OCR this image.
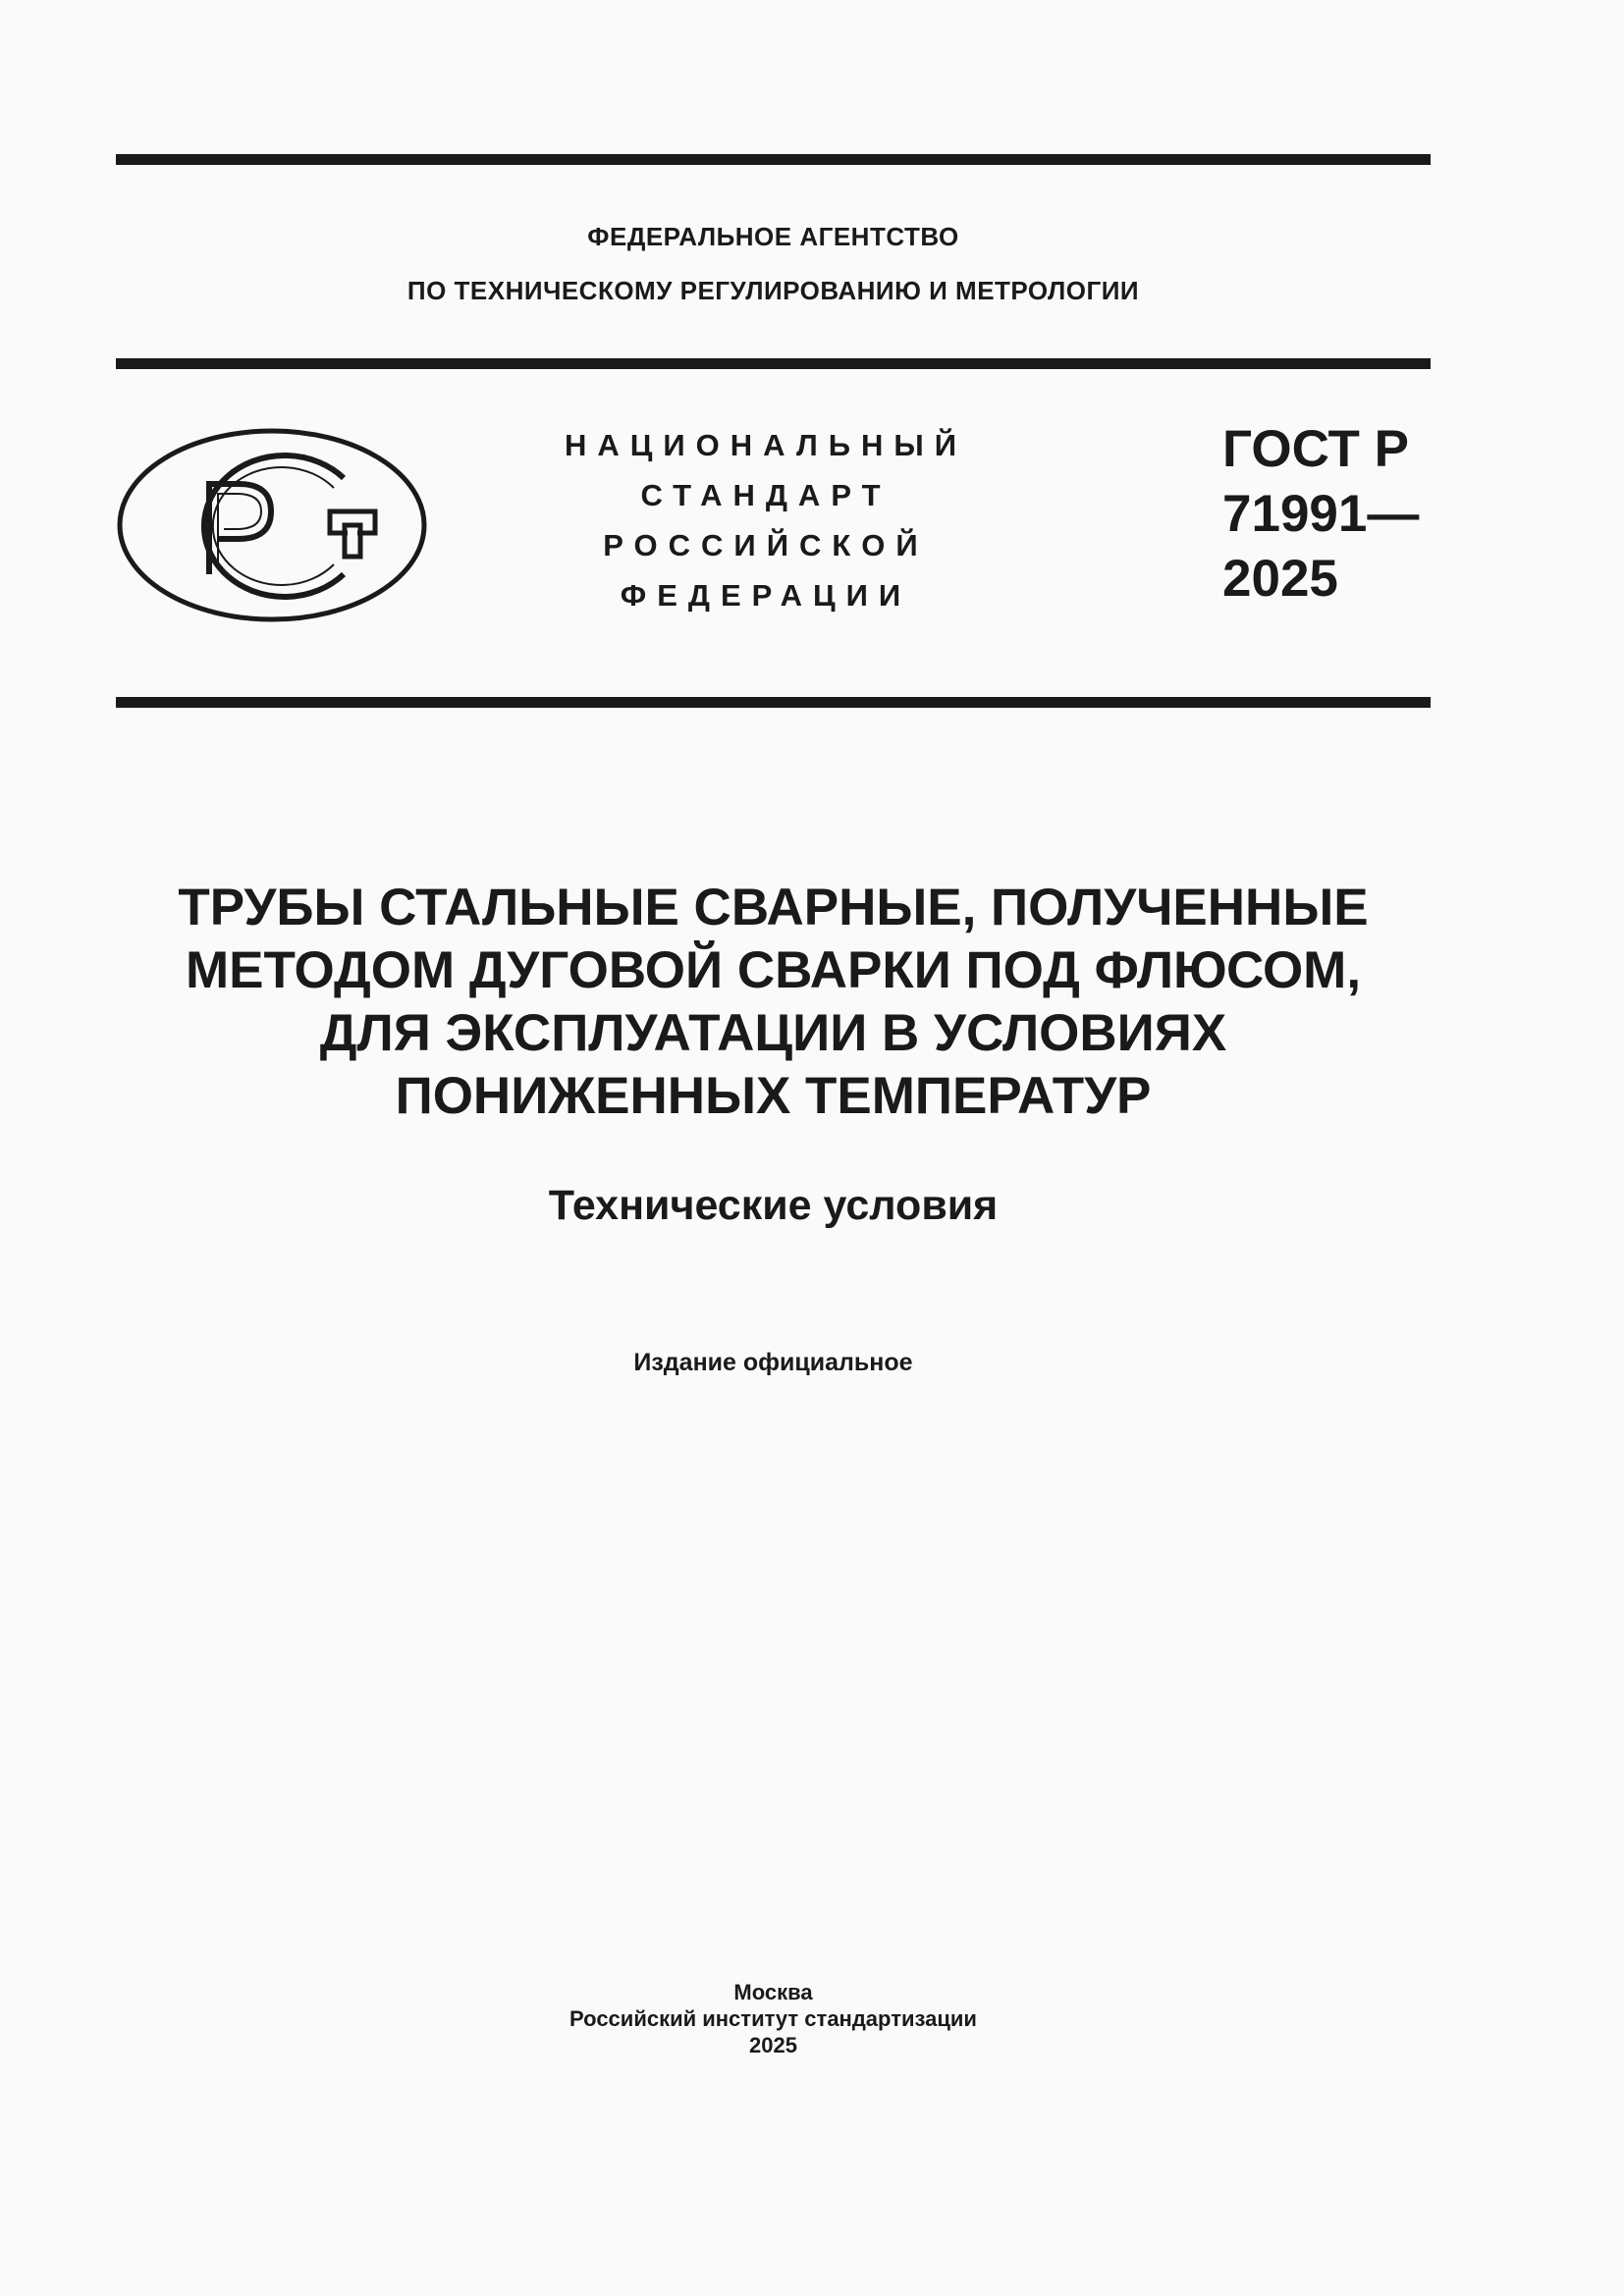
ФЕДЕРАЛЬНОЕ АГЕНТСТВО
ПО ТЕХНИЧЕСКОМУ РЕГУЛИРОВАНИЮ И МЕТРОЛОГИИ
НАЦИОНАЛЬНЫЙ
СТАНДАРТ
РОССИЙСКОЙ
ФЕДЕРАЦИИ
ГОСТ Р
71991—
2025
ТРУБЫ СТАЛЬНЫЕ СВАРНЫЕ, ПОЛУЧЕННЫЕ
МЕТОДОМ ДУГОВОЙ СВАРКИ ПОД ФЛЮСОМ,
ДЛЯ ЭКСПЛУАТАЦИИ В УСЛОВИЯХ
ПОНИЖЕННЫХ ТЕМПЕРАТУР
Технические условия
Издание официальное
Москва
Российский институт стандартизации
2025
